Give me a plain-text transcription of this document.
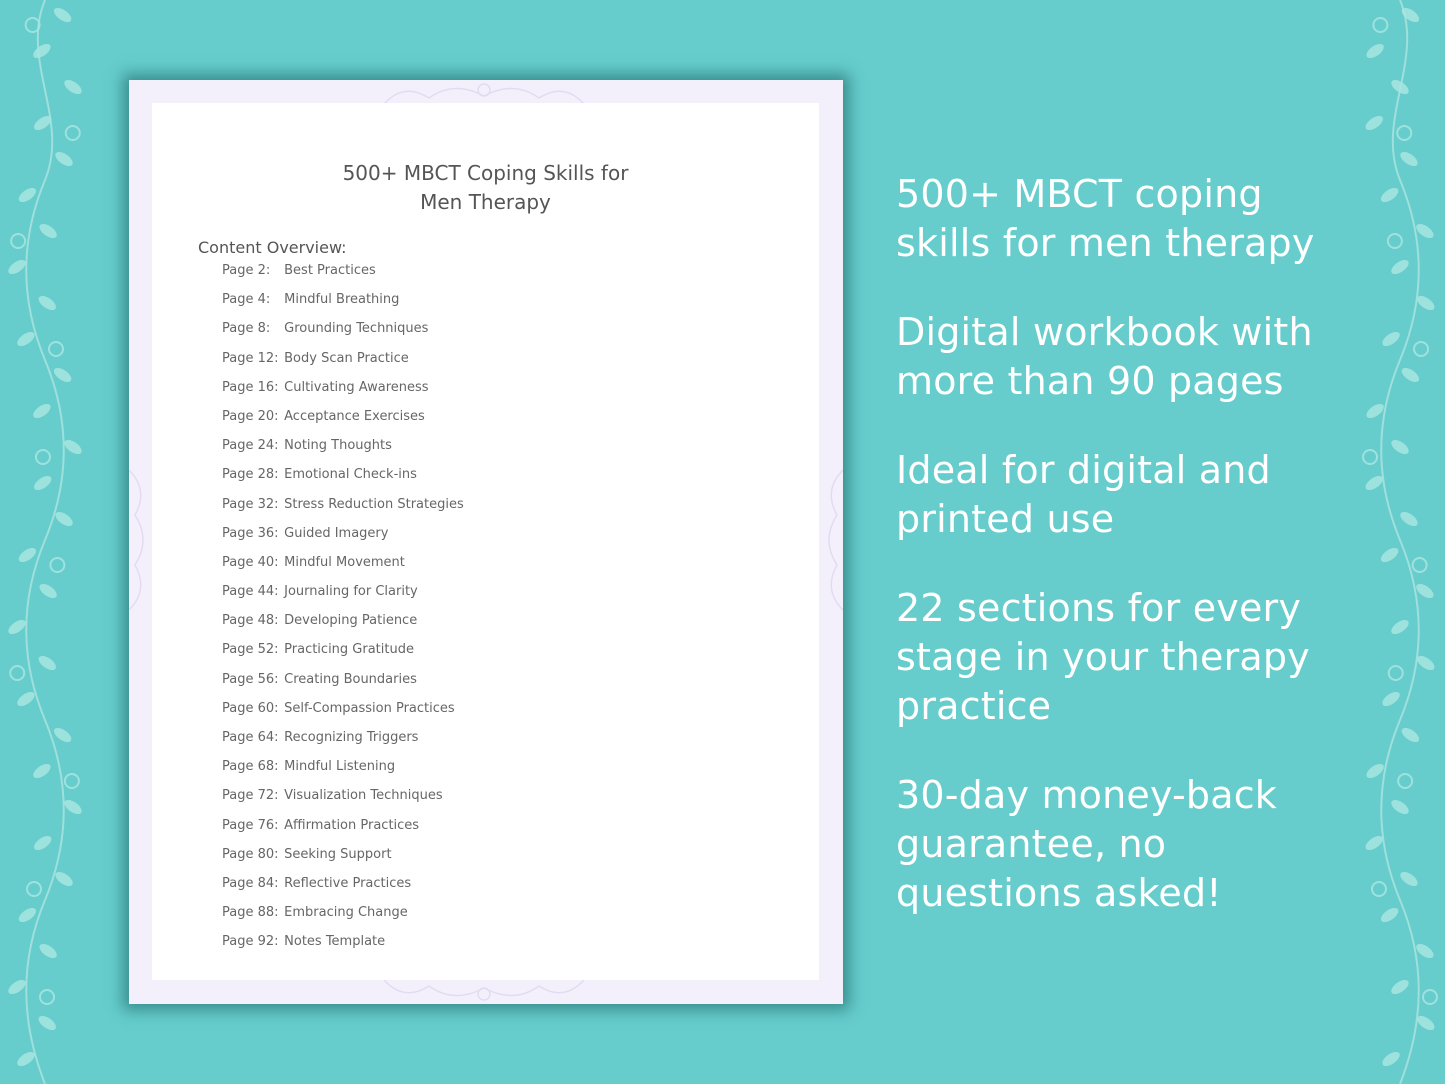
500+ MBCT Coping Skills for
Men Therapy
Content Overview:
Page 2: Best Practices
Page 4: Mindful Breathing
Page 8: Grounding Techniques
Page 12: Body Scan Practice
Page 16: Cultivating Awareness
Page 20: Acceptance Exercises
Page 24: Noting Thoughts
Page 28: Emotional Check-ins
Page 32: Stress Reduction Strategies
Page 36: Guided Imagery
Page 40: Mindful Movement
Page 44: Journaling for Clarity
Page 48: Developing Patience
Page 52: Practicing Gratitude
Page 56: Creating Boundaries
Page 60: Self-Compassion Practices
Page 64: Recognizing Triggers
Page 68: Mindful Listening
Page 72: Visualization Techniques
Page 76: Affirmation Practices
Page 80: Seeking Support
Page 84: Reflective Practices
Page 88: Embracing Change
Page 92: Notes Template
500+ MBCT coping
skills for men therapy
Digital workbook with
more than 90 pages
Ideal for digital and
printed use
22 sections for every
stage in your therapy
practice
30-day money-back
guarantee, no
questions asked!
